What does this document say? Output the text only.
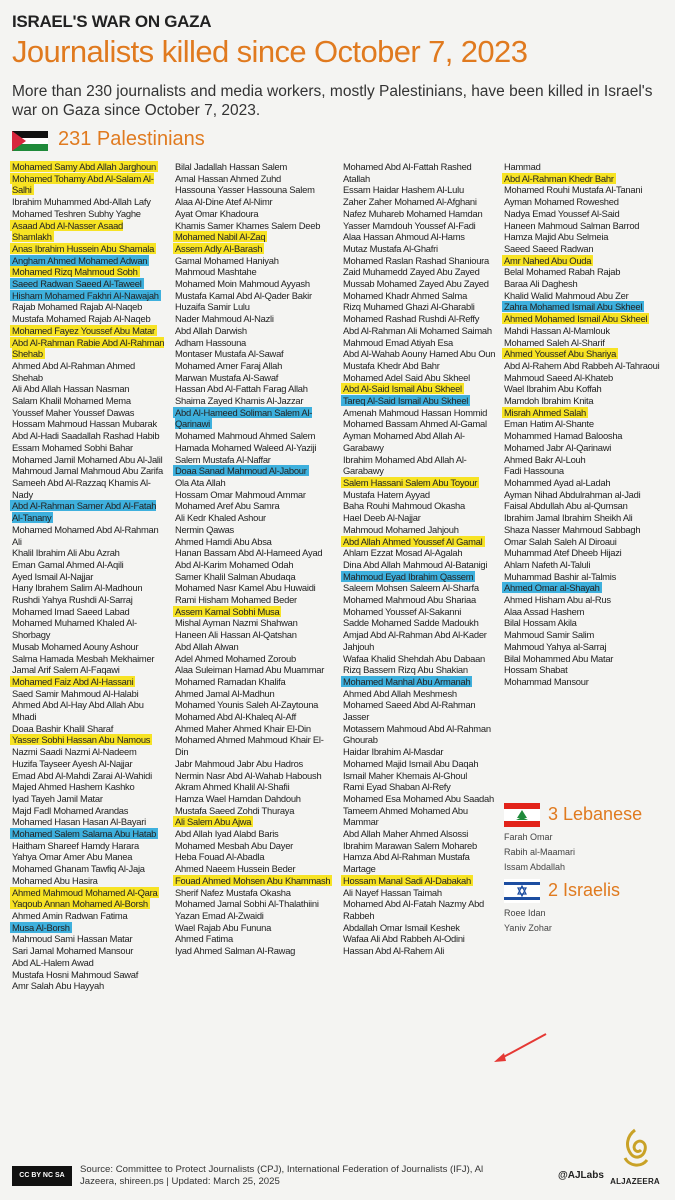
ISRAEL'S WAR ON GAZA
Journalists killed since October 7, 2023
More than 230 journalists and media workers, mostly Palestinians, have been killed in Israel's war on Gaza since October 7, 2023.
231 Palestinians
Mohamed Samy Abd Allah Jarghoun
Mohamed Tohamy Abd Al-Salam Al-Salhi
Ibrahim Muhammed Abd-Allah Lafy
Mohamed Teshren Subhy Yaghe
Asaad Abd Al-Nasser Asaad Shamlakh
Anas Ibrahim Hussein Abu Shamala
Angham Ahmed Mohamed Adwan
Mohamed Rizq Mahmoud Sobh
Saeed Radwan Saeed Al-Taweel
Hisham Mohamed Fakhri Al-Nawajah
Rajab Mohamed Rajab Al-Naqeb
Mustafa Mohamed Rajab Al-Naqeb
Mohamed Fayez Youssef Abu Matar
Abd Al-Rahman Rabie Abd Al-Rahman Shehab
Ahmed Abd Al-Rahman Ahmed Shehab
Ali Abd Allah Hassan Nasman
Salam Khalil Mohamed Mema
Youssef Maher Youssef Dawas
Hossam Mahmoud Hassan Mubarak
Abd Al-Hadi Saadallah Rashad Habib
Essam Mohamed Sobhi Bahar
Mohamed Jamil Mohamed Abu Al-Jalil
Mahmoud Jamal Mahmoud Abu Zarifa
Sameeh Abd Al-Razzaq Khamis Al-Nady
Abd Al-Rahman Samer Abd Al-Fatah Al-Tanany
Mohamed Mohamed Abd Al-Rahman Ali
Khalil Ibrahim Ali Abu Azrah
Eman Gamal Ahmed Al-Aqili
Ayed Ismail Al-Najjar
Hany Ibrahem Salim Al-Madhoun
Rushdi Yahya Rushdi Al-Sarraj
Mohamed Imad Saeed Labad
Mohamed Muhamed Khaled Al-Shorbagy
Musab Mohamed Aouny Ashour
Salma Hamada Mesbah Mekhaimer
Jamal Arif Salem Al-Faqawi
Mohamed Faiz Abd Al-Hassani
Saed Samir Mahmoud Al-Halabi
Ahmed Abd Al-Hay Abd Allah Abu Mhadi
Doaa Bashir Khalil Sharaf
Yasser Sobhi Hassan Abu Namous
Nazmi Saadi Nazmi Al-Nadeem
Huzifa Tayseer Ayesh Al-Najjar
Emad Abd Al-Mahdi Zarai Al-Wahidi
Majed Ahmed Hashem Kashko
Iyad Tayeh Jamil Matar
Majd Fadl Mohamed Arandas
Mohamed Hasan Hasan Al-Bayari
Mohamed Salem Salama Abu Hatab
Haitham Shareef Hamdy Harara
Yahya Omar Amer Abu Manea
Mohamed Ghanam Tawfiq Al-Jaja
Mohamed Abu Hasira
Ahmed Mahmoud Mohamed Al-Qara
Yaqoub Annan Mohamed Al-Borsh
Ahmed Amin Radwan Fatima
Musa Al-Borsh
Mahmoud Sami Hassan Matar
Sari Jamal Mohamed Mansour
Abd AL-Halem Awad
Mustafa Hosni Mahmoud Sawaf
Amr Salah Abu Hayyah
Bilal Jadallah Hassan Salem
Amal Hassan Ahmed Zuhd
Hassouna Yasser Hassouna Salem
Alaa Al-Dine Atef Al-Nimr
Ayat Omar Khadoura
Khamis Samer Khames Salem Deeb
Mohamed Nabil Al-Zaq
Assem Adly Al-Barash
Gamal Mohamed Haniyah
Mahmoud Mashtahe
Mohamed Moin Mahmoud Ayyash
Mustafa Kamal Abd Al-Qader Bakir
Huzaifa Samir Lulu
Nader Mahmoud Al-Nazli
Abd Allah Darwish
Adham Hassouna
Montaser Mustafa Al-Sawaf
Mohamed Amer Faraj Allah
Marwan Mustafa Al-Sawaf
Hassan Abd Al-Fattah Farag Allah
Shaima Zayed Khamis Al-Jazzar
Abd Al-Hameed Soliman Salem Al-Qarinawi
Mohamed Mahmoud Ahmed Salem
Hamada Mohamed Waleed Al-Yaziji
Salem Mustafa Al-Naffar
Doaa Sanad Mahmoud Al-Jabour
Ola Ata Allah
Hossam Omar Mahmoud Ammar
Mohamed Aref Abu Samra
Ali Kedr Khaled Ashour
Nermin Qawas
Ahmed Hamdi Abu Absa
Hanan Bassam Abd Al-Hameed Ayad
Abd Al-Karim Mohamed Odah
Samer Khalil Salman Abudaqa
Mohamed Nasr Kamel Abu Huwaidi
Rami Hisham Mohamed Beder
Assem Kamal Sobhi Musa
Mishal Ayman Nazmi Shahwan
Haneen Ali Hassan Al-Qatshan
Abd Allah Alwan
Adel Ahmed Mohamed Zoroub
Alaa Suleiman Hamad Abu Muammar
Mohamed Ramadan Khalifa
Ahmed Jamal Al-Madhun
Mohamed Younis Saleh Al-Zaytouna
Mohamed Abd Al-Khaleq Al-Aff
Ahmed Maher Ahmed Khair El-Din
Mohamed Ahmed Mahmoud Khair El-Din
Jabr Mahmoud Jabr Abu Hadros
Nermin Nasr Abd Al-Wahab Haboush
Akram Ahmed Khalil Al-Shafii
Hamza Wael Hamdan Dahdouh
Mustafa Saeed Zohdi Thuraya
Ali Salem Abu Ajwa
Abd Allah Iyad Alabd Baris
Mohamed Mesbah Abu Dayer
Heba Fouad Al-Abadla
Ahmed Naeem Hussein Beder
Fouad Ahmed Mohsen Abu Khammash
Sherif Nafez Mustafa Okasha
Mohamed Jamal Sobhi Al-Thalathiini
Yazan Emad Al-Zwaidi
Wael Rajab Abu Fununa
Ahmed Fatima
Iyad Ahmed Salman Al-Rawag
Mohamed Abd Al-Fattah Rashed Atallah
Essam Haidar Hashem Al-Lulu
Zaher Zaher Mohamed Al-Afghani
Nafez Muhareb Mohamed Hamdan
Yasser Mamdouh Youssef Al-Fadi
Alaa Hassan Ahmoud Al-Hams
Mutaz Mustafa Al-Ghafri
Mohamed Raslan Rashad Shanioura
Zaid Muhamedd Zayed Abu Zayed
Mussab Mohamed Zayed Abu Zayed
Mohamed Khadr Ahmed Salma
Rizq Muhamed Ghazi Al-Gharabli
Mohamed Rashad Rushdi Al-Reffy
Abd Al-Rahman Ali Mohamed Saimah
Mahmoud Emad Atiyah Esa
Abd Al-Wahab Aouny Hamed Abu Oun
Mustafa Khedr Abd Bahr
Mohamed Adel Said Abu Skheel
Abd Al-Said Ismail Abu Skheel
Tareq Al-Said Ismail Abu Skheel
Amenah Mahmoud Hassan Hommid
Mohamed Bassam Ahmed Al-Gamal
Ayman Mohamed Abd Allah Al-Garabawy
Ibrahim Mohamed Abd Allah Al-Garabawy
Salem Hassani Salem Abu Toyour
Mustafa Hatem Ayyad
Baha Rouhi Mahmoud Okasha
Hael Deeb Al-Najjar
Mahmoud Mohamed Jahjouh
Abd Allah Ahmed Youssef Al Gamal
Ahlam Ezzat Mosad Al-Agalah
Dina Abd Allah Mahmoud Al-Batanigi
Mahmoud Eyad Ibrahim Qassem
Saleem Mohsen Saleem Al-Sharfa
Mohamed Mahmoud Abu Shariaa
Mohamed Youssef Al-Sakanni
Sadde Mohamed Sadde Madoukh
Amjad Abd Al-Rahman Abd Al-Kader Jahjouh
Wafaa Khalid Shehdah Abu Dabaan
Rizq Bassem Rizq Abu Shakian
Mohamed Manhal Abu Armanah
Ahmed Abd Allah Meshmesh
Mohamed Saeed Abd Al-Rahman Jasser
Motassem Mahmoud Abd Al-Rahman Ghourab
Haidar Ibrahim Al-Masdar
Mohamed Majid Ismail Abu Daqah
Ismail Maher Khemais Al-Ghoul
Rami Eyad Shaban Al-Refy
Mohamed Esa Mohamed Abu Saadah
Tameem Ahmed Mohamed Abu Mammar
Abd Allah Maher Ahmed Alsossi
Ibrahim Marawan Salem Mohareb
Hamza Abd Al-Rahman Mustafa Martage
Hossam Manal Sadi Al-Dabakah
Ali Nayef Hassan Taimah
Mohamed Abd Al-Fatah Nazmy Abd Rabbeh
Abdallah Omar Ismail Keshek
Wafaa Ali Abd Rabbeh Al-Odini
Hassan Abd Al-Rahem Ali
Hammad
Abd Al-Rahman Khedr Bahr
Mohamed Rouhi Mustafa Al-Tanani
Ayman Mohamed Roweshed
Nadya Emad Youssef Al-Said
Haneen Mahmoud Salman Barrod
Hamza Majid Abu Selmeia
Saeed Saeed Radwan
Amr Nahed Abu Ouda
Belal Mohamed Rabah Rajab
Baraa Ali Daghesh
Khalid Walid Mahmoud Abu Zer
Zahra Mohamed Ismail Abu Skheel
Ahmed Mohamed Ismail Abu Skheel
Mahdi Hassan Al-Mamlouk
Mohamed Saleh Al-Sharif
Ahmed Youssef Abu Shariya
Abd Al-Rahem Abd Rabbeh Al-Tahraoui
Mahmoud Saeed Al-Khateb
Wael Ibrahim Abu Koffah
Mamdoh Ibrahim Knita
Misrah Ahmed Salah
Eman Hatim Al-Shante
Mohammed Hamad Baloosha
Mohamed Jabr Al-Qarinawi
Ahmed Bakr Al-Louh
Fadi Hassouna
Mohammed Ayad al-Ladah
Ayman Nihad Abdulrahman al-Jadi
Faisal Abdullah Abu al-Qumsan
Ibrahim Jamal Ibrahim Sheikh Ali
Shaza Nasser Mahmoud Sabbagh
Omar Salah Saleh Al Diroaui
Muhammad Atef Dheeb Hijazi
Ahlam Nafeth Al-Taluli
Muhammad Bashir al-Talmis
Ahmed Omar al-Shayah
Ahmed Hisham Abu al-Rus
Alaa Assad Hashem
Bilal Hossam Akila
Mahmoud Samir Salim
Mahmoud Yahya al-Sarraj
Bilal Mohammed Abu Matar
Hossam Shabat
Mohammad Mansour
3 Lebanese
Farah Omar
Rabih al-Maamari
Issam Abdallah
2 Israelis
Roee Idan
Yaniv Zohar
CC BY NC SA
Source: Committee to Protect Journalists (CPJ), International Federation of Journalists (IFJ), Al Jazeera, shireen.ps | Updated: March 25, 2025
@AJLabs
ALJAZEERA
